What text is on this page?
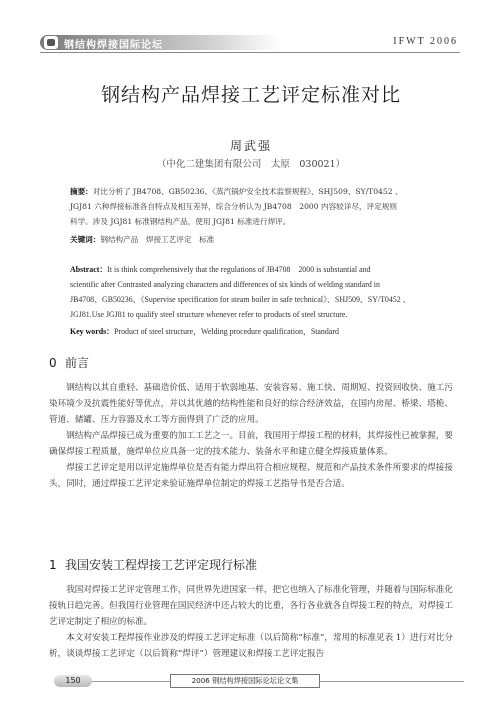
钢结构焊接国际论坛	IFWT 2006
钢结构产品焊接工艺评定标准对比
周武强
（中化二建集团有限公司　太原　030021）
摘要：对比分析了 JB4708、GB50236、《蒸汽锅炉安全技术监察规程》、SHJ509、SY/T0452 、
JGJ81 六种焊接标准各自特点及相互差异，综合分析认为 JB4708　2000 内容较详尽，评定规则
科学。涉及 JGJ81 标准钢结构产品，使用 JGJ81 标准进行焊评。
关键词：钢结构产品　焊接工艺评定　标准
Abstract：It is think comprehensively that the regulations of JB4708　2000 is substantial and
scientific after Contrasted analyzing characters and differences of six kinds of welding standard in
JB4708、GB50236、《Supervise specification for steam boiler in safe technical》、SHJ509、SY/T0452 、
JGJ81.Use JGJ81 to qualify steel structure whenever refer to products of steel structure.
Key words：Product of steel structure，Welding procedure qualification，Standard
0 前言

钢结构以其自重轻、基础造价低、适用于软弱地基、安装容易、施工快、周期短、投资回收快、施工污染环境少及抗震性能好等优点，并以其优越的结构性能和良好的综合经济效益，在国内房屋、桥梁、塔桅、管道、储罐、压力容器及水工等方面得到了广泛的应用。

钢结构产品焊接已成为重要的加工工艺之一。目前，我国用于焊接工程的材料，其焊接性已被掌握，要确保焊接工程质量，施焊单位应具备一定的技术能力、装备水平和建立健全焊接质量体系。

焊接工艺评定是用以评定施焊单位是否有能力焊出符合相应规程、规范和产品技术条件所要求的焊接接头，同时，通过焊接工艺评定来验证施焊单位制定的焊接工艺指导书是否合适。

1 我国安装工程焊接工艺评定现行标准

我国对焊接工艺评定管理工作，同世界先进国家一样，把它也纳入了标准化管理，并随着与国际标准化接轨日趋完善。但我国行业管理在国民经济中还占较大的比重，各行各业就各自焊接工程的特点，对焊接工艺评定制定了相应的标准。

本文对安装工程焊接作业涉及的焊接工艺评定标准（以后简称“标准”，常用的标准见表 1）进行对比分析，谈谈焊接工艺评定（以后简称“焊评”）管理建议和焊接工艺评定报告

150	2006 钢结构焊接国际论坛论文集
